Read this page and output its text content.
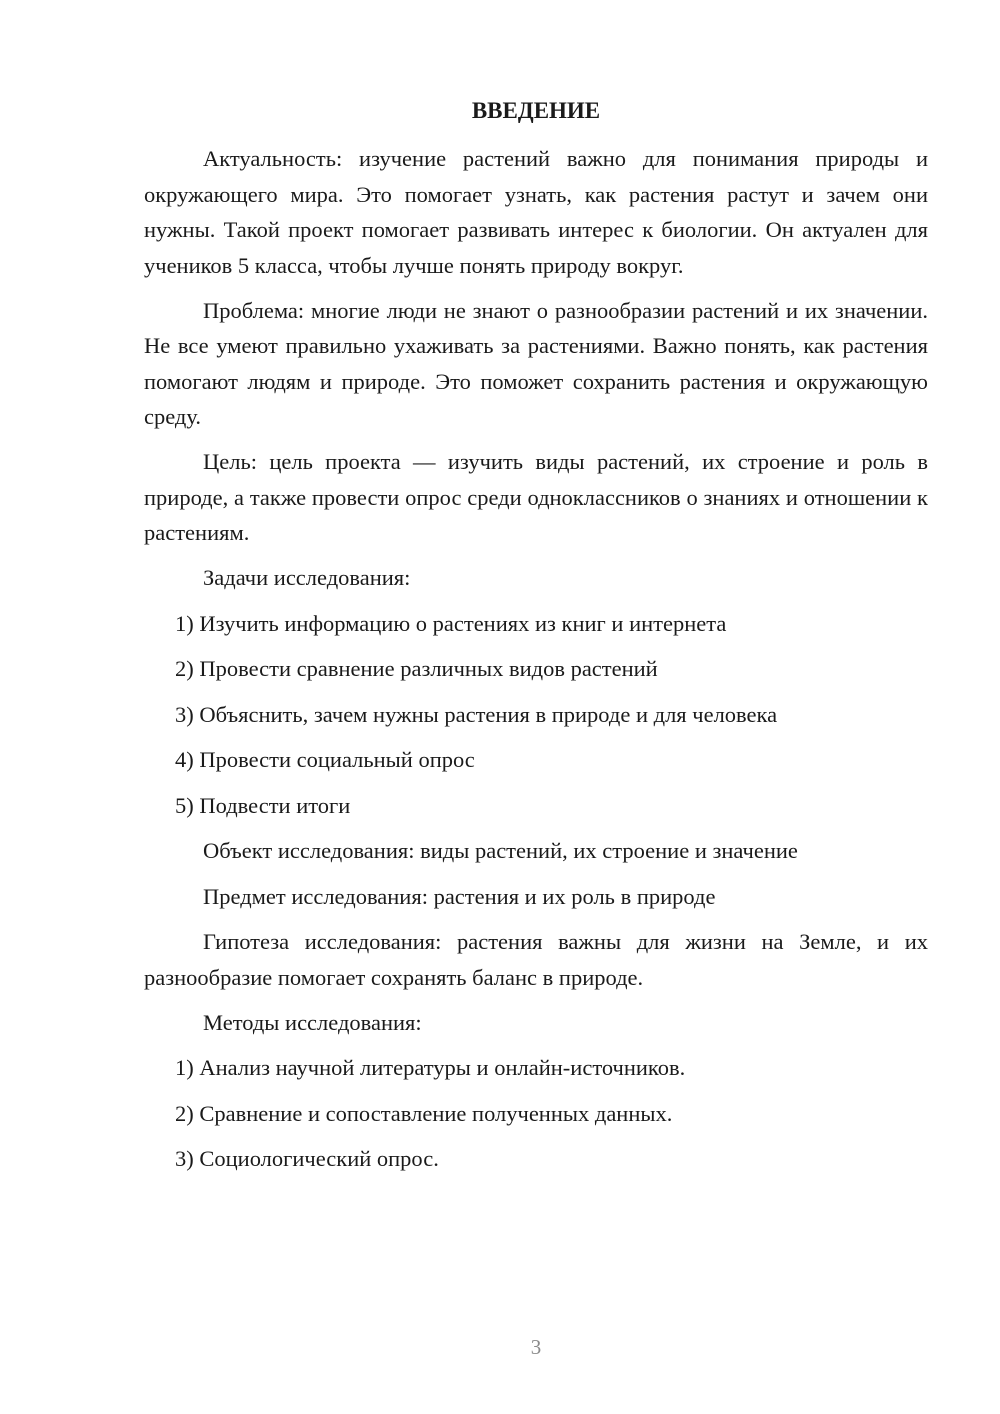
ВВЕДЕНИЕ

Актуальность: изучение растений важно для понимания природы и окружающего мира. Это помогает узнать, как растения растут и зачем они нужны. Такой проект помогает развивать интерес к биологии. Он актуален для учеников 5 класса, чтобы лучше понять природу вокруг.

Проблема: многие люди не знают о разнообразии растений и их значении. Не все умеют правильно ухаживать за растениями. Важно понять, как растения помогают людям и природе. Это поможет сохранить растения и окружающую среду.

Цель: цель проекта — изучить виды растений, их строение и роль в природе, а также провести опрос среди одноклассников о знаниях и отношении к растениям.

Задачи исследования:
1) Изучить информацию о растениях из книг и интернета
2) Провести сравнение различных видов растений
3) Объяснить, зачем нужны растения в природе и для человека
4) Провести социальный опрос
5) Подвести итоги
Объект исследования: виды растений, их строение и значение
Предмет исследования: растения и их роль в природе

Гипотеза исследования: растения важны для жизни на Земле, и их разнообразие помогает сохранять баланс в природе.

Методы исследования:
1) Анализ научной литературы и онлайн-источников.
2) Сравнение и сопоставление полученных данных.
3) Социологический опрос.
3
